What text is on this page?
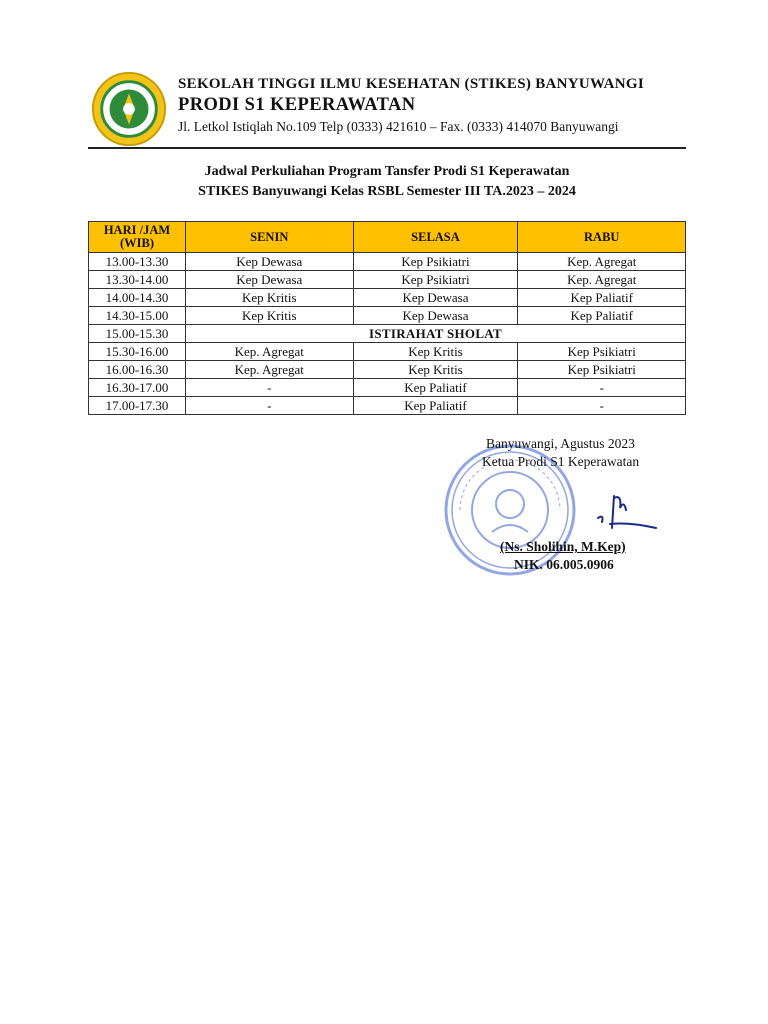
SEKOLAH TINGGI ILMU KESEHATAN (STIKES) BANYUWANGI
PRODI S1 KEPERAWATAN
Jl. Letkol Istiqlah No.109 Telp (0333) 421610 – Fax. (0333) 414070 Banyuwangi
Jadwal Perkuliahan Program Tansfer Prodi S1 Keperawatan
STIKES Banyuwangi Kelas RSBL Semester III TA.2023 – 2024
HARI /JAM (WIB)	SENIN	SELASA	RABU
13.00-13.30	Kep Dewasa	Kep Psikiatri	Kep. Agregat
13.30-14.00	Kep Dewasa	Kep Psikiatri	Kep. Agregat
14.00-14.30	Kep Kritis	Kep Dewasa	Kep Paliatif
14.30-15.00	Kep Kritis	Kep Dewasa	Kep Paliatif
15.00-15.30	ISTIRAHAT SHOLAT		
15.30-16.00	Kep. Agregat	Kep Kritis	Kep Psikiatri
16.00-16.30	Kep. Agregat	Kep Kritis	Kep Psikiatri
16.30-17.00	-	Kep Paliatif	-
17.00-17.30	-	Kep Paliatif	-
Banyuwangi, Agustus 2023
Ketua Prodi S1 Keperawatan
(Ns. Sholihin, M.Kep)
NIK. 06.005.0906
